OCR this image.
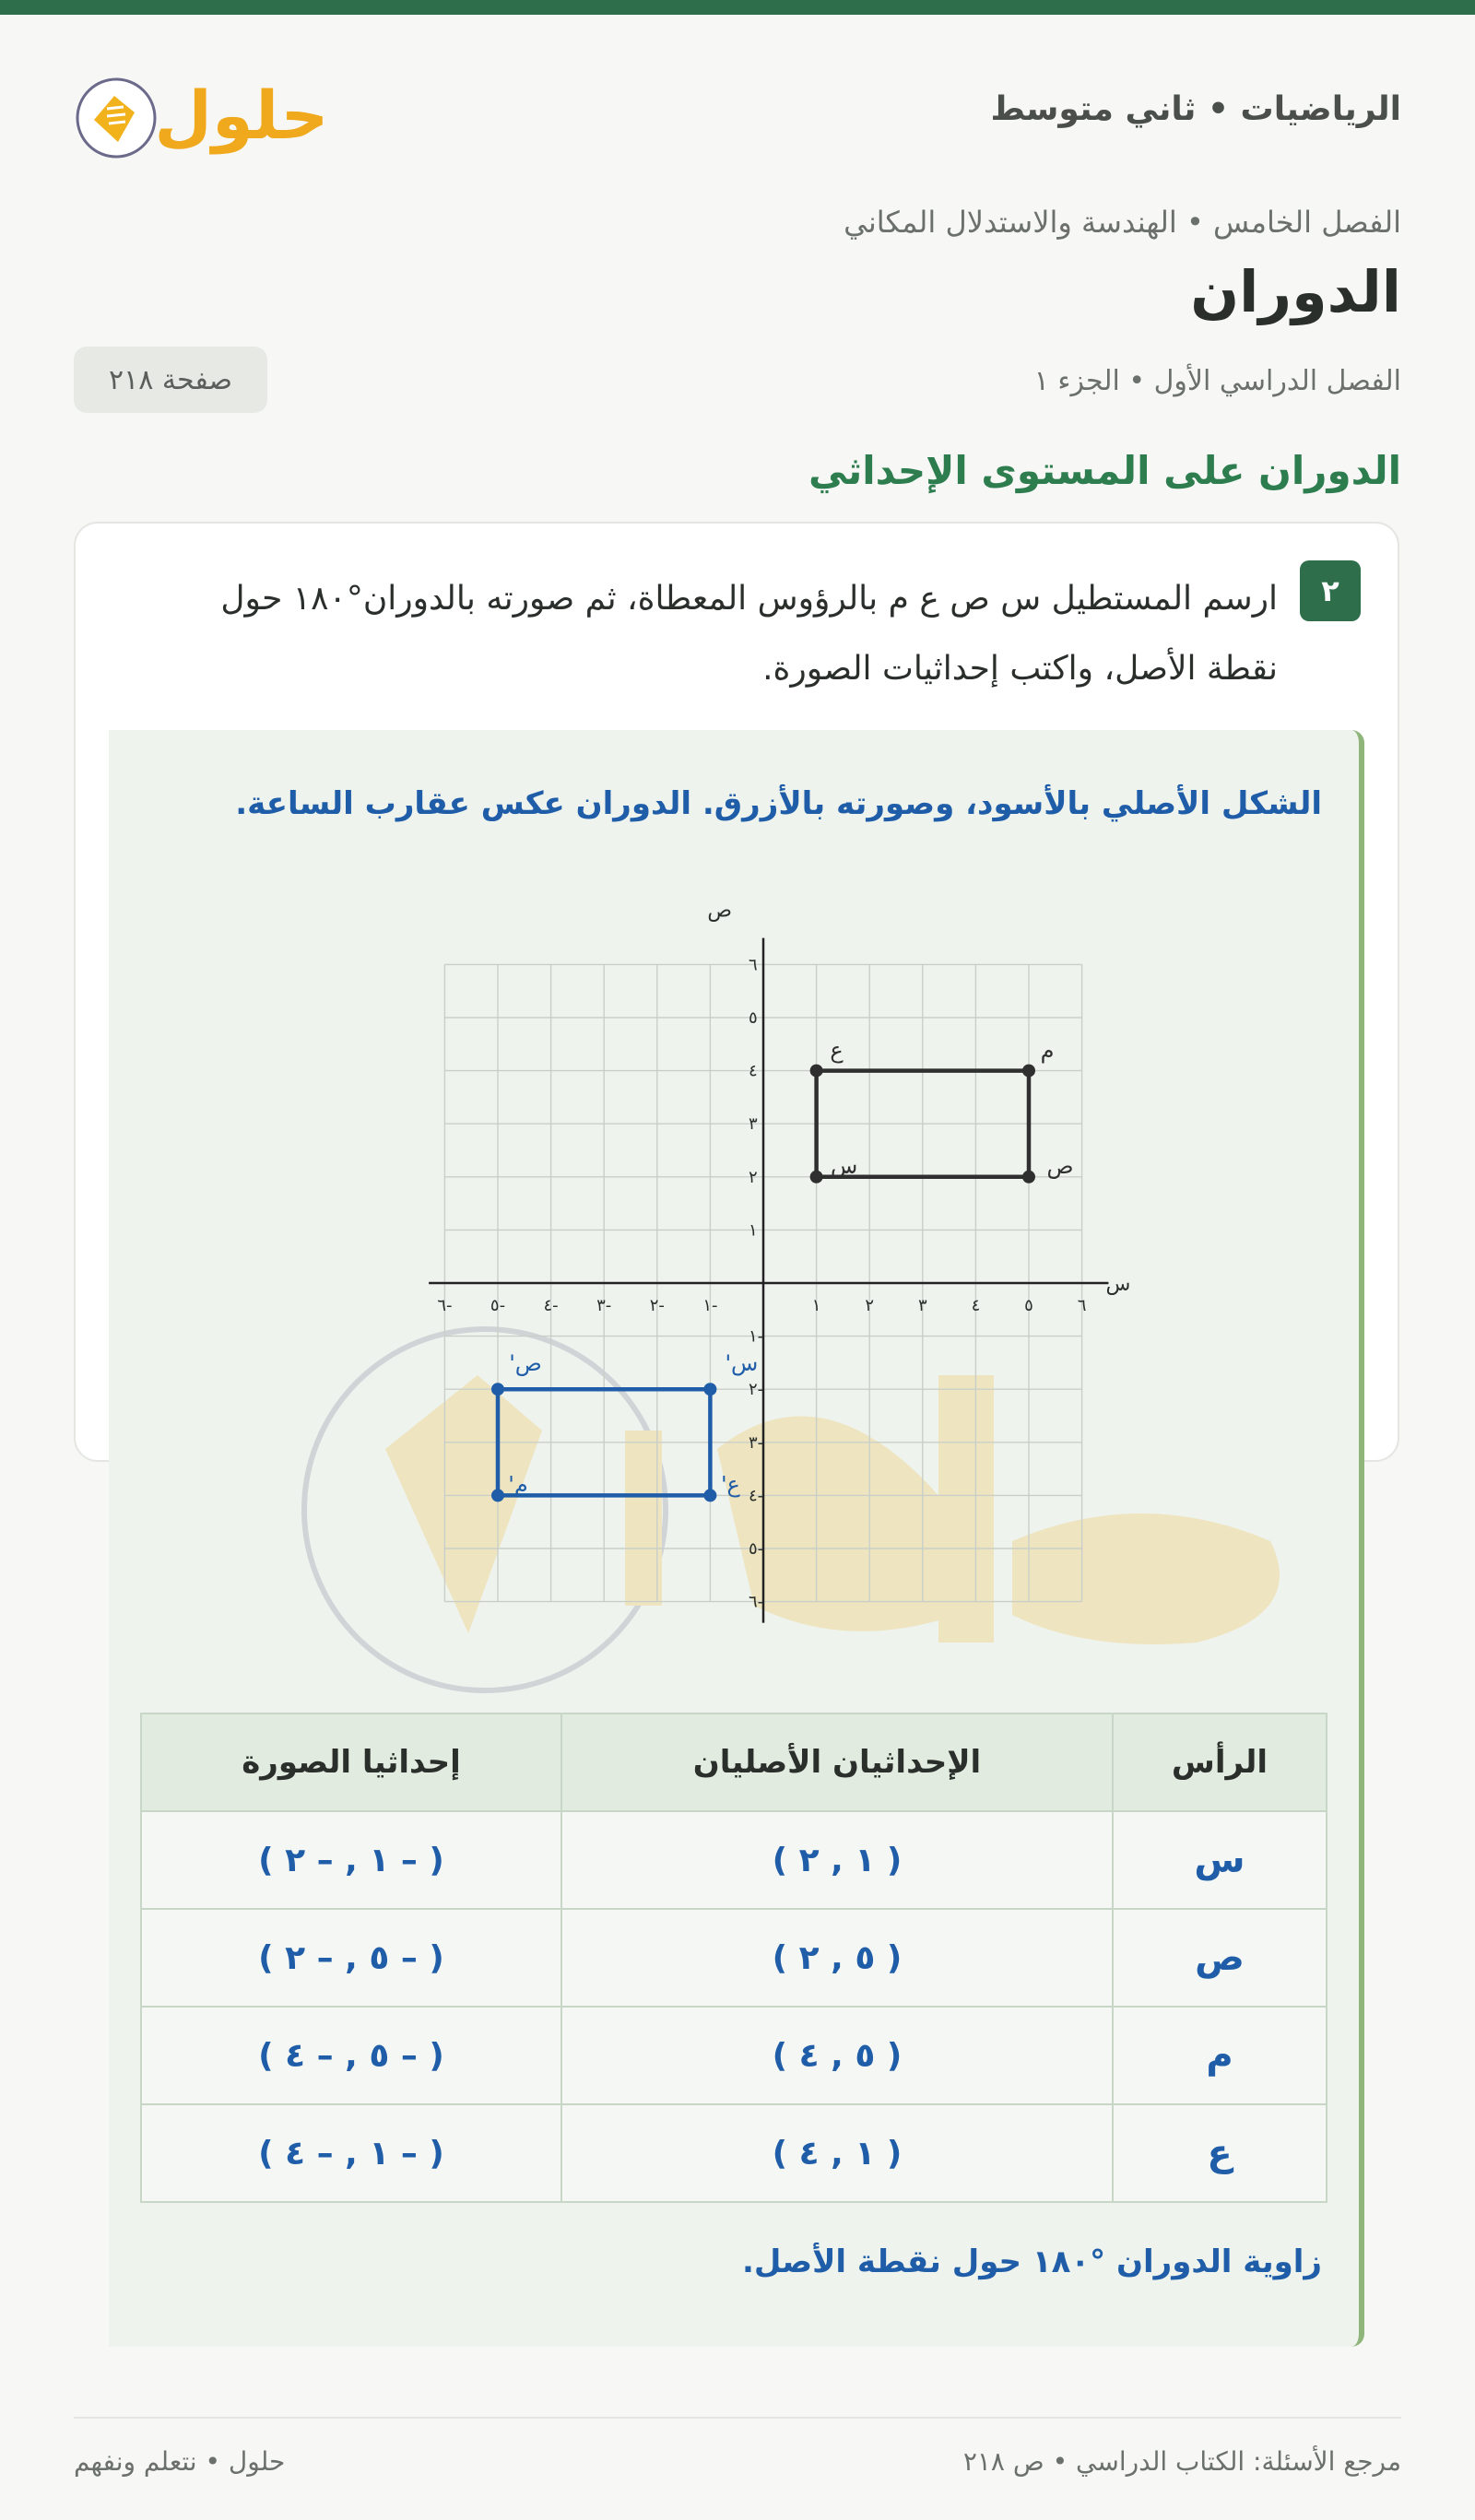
الرياضيات • ثاني متوسط
حلول
الفصل الخامس • الهندسة والاستدلال المكاني
الدوران
الفصل الدراسي الأول • الجزء ١
صفحة ٢١٨
الدوران على المستوى الإحداثي
٢
ارسم المستطيل س ص ع م بالرؤوس المعطاة، ثم صورته بالدوران°١٨٠ حول نقطة الأصل، واكتب إحداثيات الصورة.
الشكل الأصلي بالأسود، وصورته بالأزرق. الدوران عكس عقارب الساعة.
-٦ -٥ -٤ -٣ -٢ -١	١	٢	٣	٤	٥	٦
١
٢
٣
٤
٥
٦
-١
-٢
-٣
-٤
-٥
-٦
س	ص
م
ع
س'
ص'
م'	ع'
س
ص
الرأس	الإحداثيان الأصليان	إحداثيا الصورة
س	( ١ , ٢ )	( – ١ , – ٢ )
ص	( ٥ , ٢ )	( – ٥ , – ٢ )
م	( ٥ , ٤ )	( – ٥ , – ٤ )
ع	( ١ , ٤ )	( – ١ , – ٤ )
زاوية الدوران °١٨٠ حول نقطة الأصل.
مرجع الأسئلة: الكتاب الدراسي • ص ٢١٨
حلول • نتعلم ونفهم
